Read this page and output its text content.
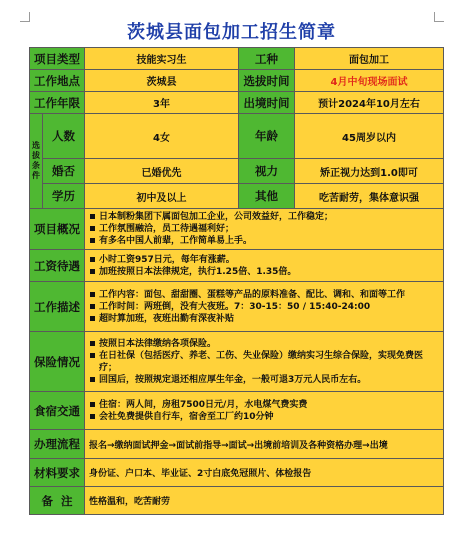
茨城县面包加工招生简章
项目类型		技能实习生	工种	面包加工
工作地点		茨城县	选拔时间	4月中旬现场面试
工作年限		3年	出境时间	预计2024年10月左右

选
拔
条
件	人数	4女	年龄	45周岁以内
	婚否	已婚优先	视力	矫正视力达到1.0即可
	学历	初中及以上	其他	吃苦耐劳，集体意识强
项目概况		日本制粉集团下属面包加工企业，公司效益好，工作稳定；
工作氛围融洽，员工待遇福利好；
有多名中国人前辈，工作简单易上手。		

工资待遇		小时工资957日元，每年有涨薪。
加班按照日本法律规定，执行1.25倍、1.35倍。		

工作描述		工作内容：面包、甜甜圈、蛋糕等产品的原料准备、配比、调和、和面等工作
工作时间：两班倒，没有大夜班。7：30-15：50 / 15:40-24:00
超时算加班，夜班出勤有深夜补贴		

保险情况		按照日本法律缴纳各项保险。
在日社保（包括医疗、养老、工伤、失业保险）缴纳实习生综合保险，实现免费医疗；
回国后，按照规定退还相应厚生年金，一般可退3万元人民币左右。		

食宿交通		住宿：两人间，房租7500日元/月，水电煤气费实费
会社免费提供自行车，宿舍至工厂约10分钟		

办理流程		报名→缴纳面试押金→面试前指导→面试→出境前培训及各种资格办理→出境		
材料要求		身份证、户口本、毕业证、2寸白底免冠照片、体检报告		
备  注		性格温和，吃苦耐劳		
